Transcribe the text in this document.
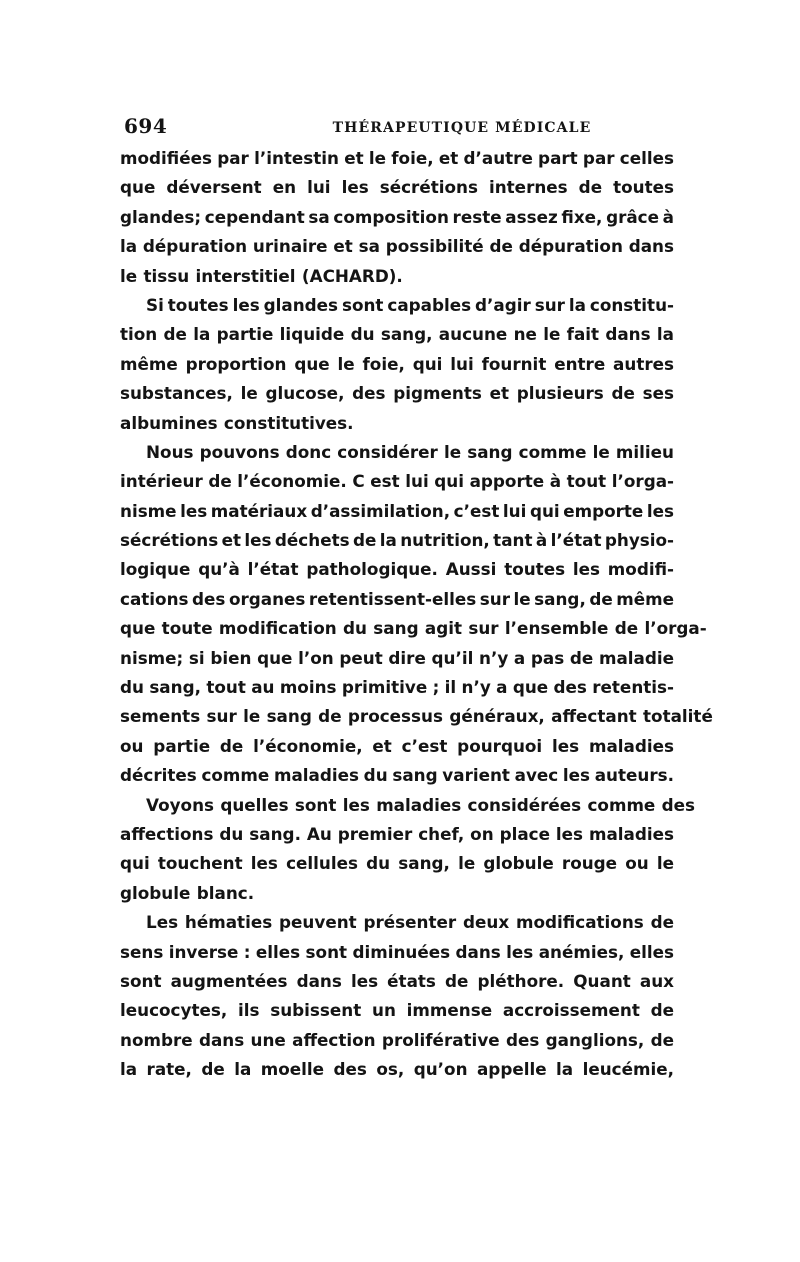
694	THÉRAPEUTIQUE MÉDICALE

modifiées par l’intestin et le foie, et d’autre part par celles
que déversent en lui les sécrétions internes de toutes
glandes; cependant sa composition reste assez fixe, grâce à
la dépuration urinaire et sa possibilité de dépuration dans
le tissu interstitiel (ACHARD).

Si toutes les glandes sont capables d’agir sur la constitu-
tion de la partie liquide du sang, aucune ne le fait dans la
même proportion que le foie, qui lui fournit entre autres
substances, le glucose, des pigments et plusieurs de ses
albumines constitutives.

Nous pouvons donc considérer le sang comme le milieu
intérieur de l’économie. C est lui qui apporte à tout l’orga-
nisme les matériaux d’assimilation, c’est lui qui emporte les
sécrétions et les déchets de la nutrition, tant à l’état physio-
logique qu’à l’état pathologique. Aussi toutes les modifi-
cations des organes retentissent-elles sur le sang, de même
que toute modification du sang agit sur l’ensemble de l’orga-
nisme; si bien que l’on peut dire qu’il n’y a pas de maladie
du sang, tout au moins primitive ; il n’y a que des retentis-
sements sur le sang de processus généraux, affectant totalité
ou partie de l’économie, et c’est pourquoi les maladies
décrites comme maladies du sang varient avec les auteurs.

Voyons quelles sont les maladies considérées comme des
affections du sang. Au premier chef, on place les maladies
qui touchent les cellules du sang, le globule rouge ou le
globule blanc.

Les hématies peuvent présenter deux modifications de
sens inverse : elles sont diminuées dans les anémies, elles
sont augmentées dans les états de pléthore. Quant aux
leucocytes, ils subissent un immense accroissement de
nombre dans une affection proliférative des ganglions, de
la rate, de la moelle des os, qu’on appelle la leucémie,
